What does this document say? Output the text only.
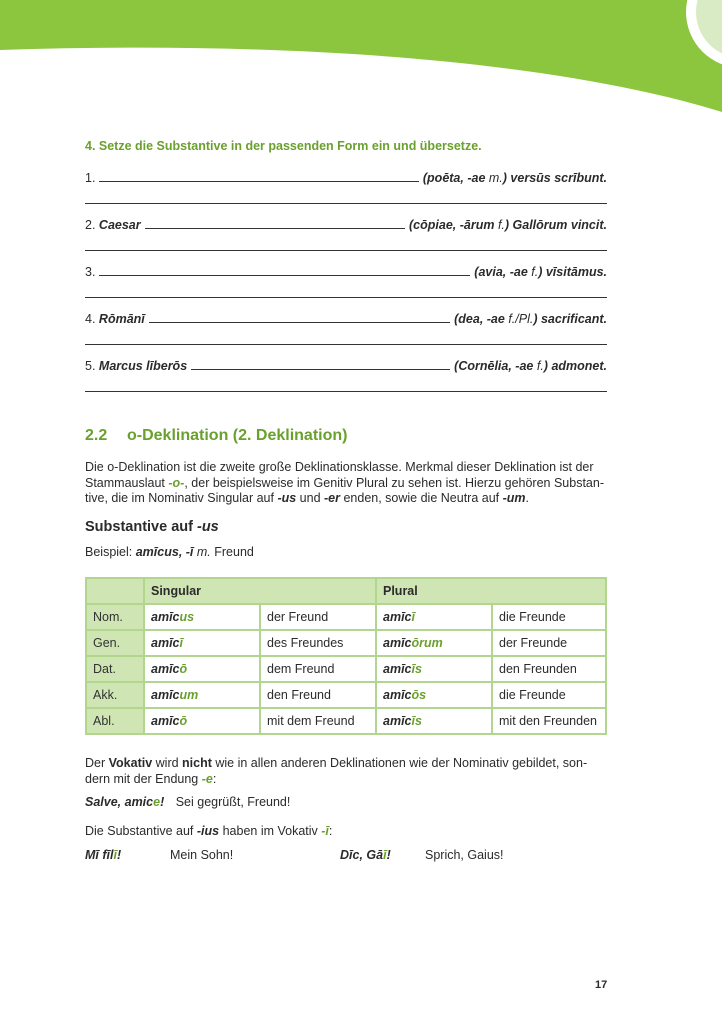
4. Setze die Substantive in der passenden Form ein und übersetze.
1.	(poēta, -ae m.) versūs scrībunt.
2. Caesar	(cōpiae, -ārum f.) Gallōrum vincit.
3.	(avia, -ae f.) vīsitāmus.
4. Rōmānī	(dea, -ae f./Pl.) sacrificant.
5. Marcus līberōs	(Cornēlia, -ae f.) admonet.
2.2 o-Deklination (2. Deklination)
Die o-Deklination ist die zweite große Deklinationsklasse. Merkmal dieser Deklination ist der
Stammauslaut -o-, der beispielsweise im Genitiv Plural zu sehen ist. Hierzu gehören Substan-
tive, die im Nominativ Singular auf -us und -er enden, sowie die Neutra auf -um.
Substantive auf -us
Beispiel: amīcus, -ī m. Freund
	Singular		Plural	
Nom.	amīcus	der Freund	amīcī	die Freunde
Gen.	amīcī	des Freundes	amīcōrum	der Freunde
Dat.	amīcō	dem Freund	amīcīs	den Freunden
Akk.	amīcum	den Freund	amīcōs	die Freunde
Abl.	amīcō	mit dem Freund	amīcīs	mit den Freunden
Der Vokativ wird nicht wie in allen anderen Deklinationen wie der Nominativ gebildet, son-
dern mit der Endung -e:
Salve, amice! Sei gegrüßt, Freund!
Die Substantive auf -ius haben im Vokativ -ī:
Mī fīlī!	Mein Sohn!	Dīc, Gāī!	Sprich, Gaius!
17
